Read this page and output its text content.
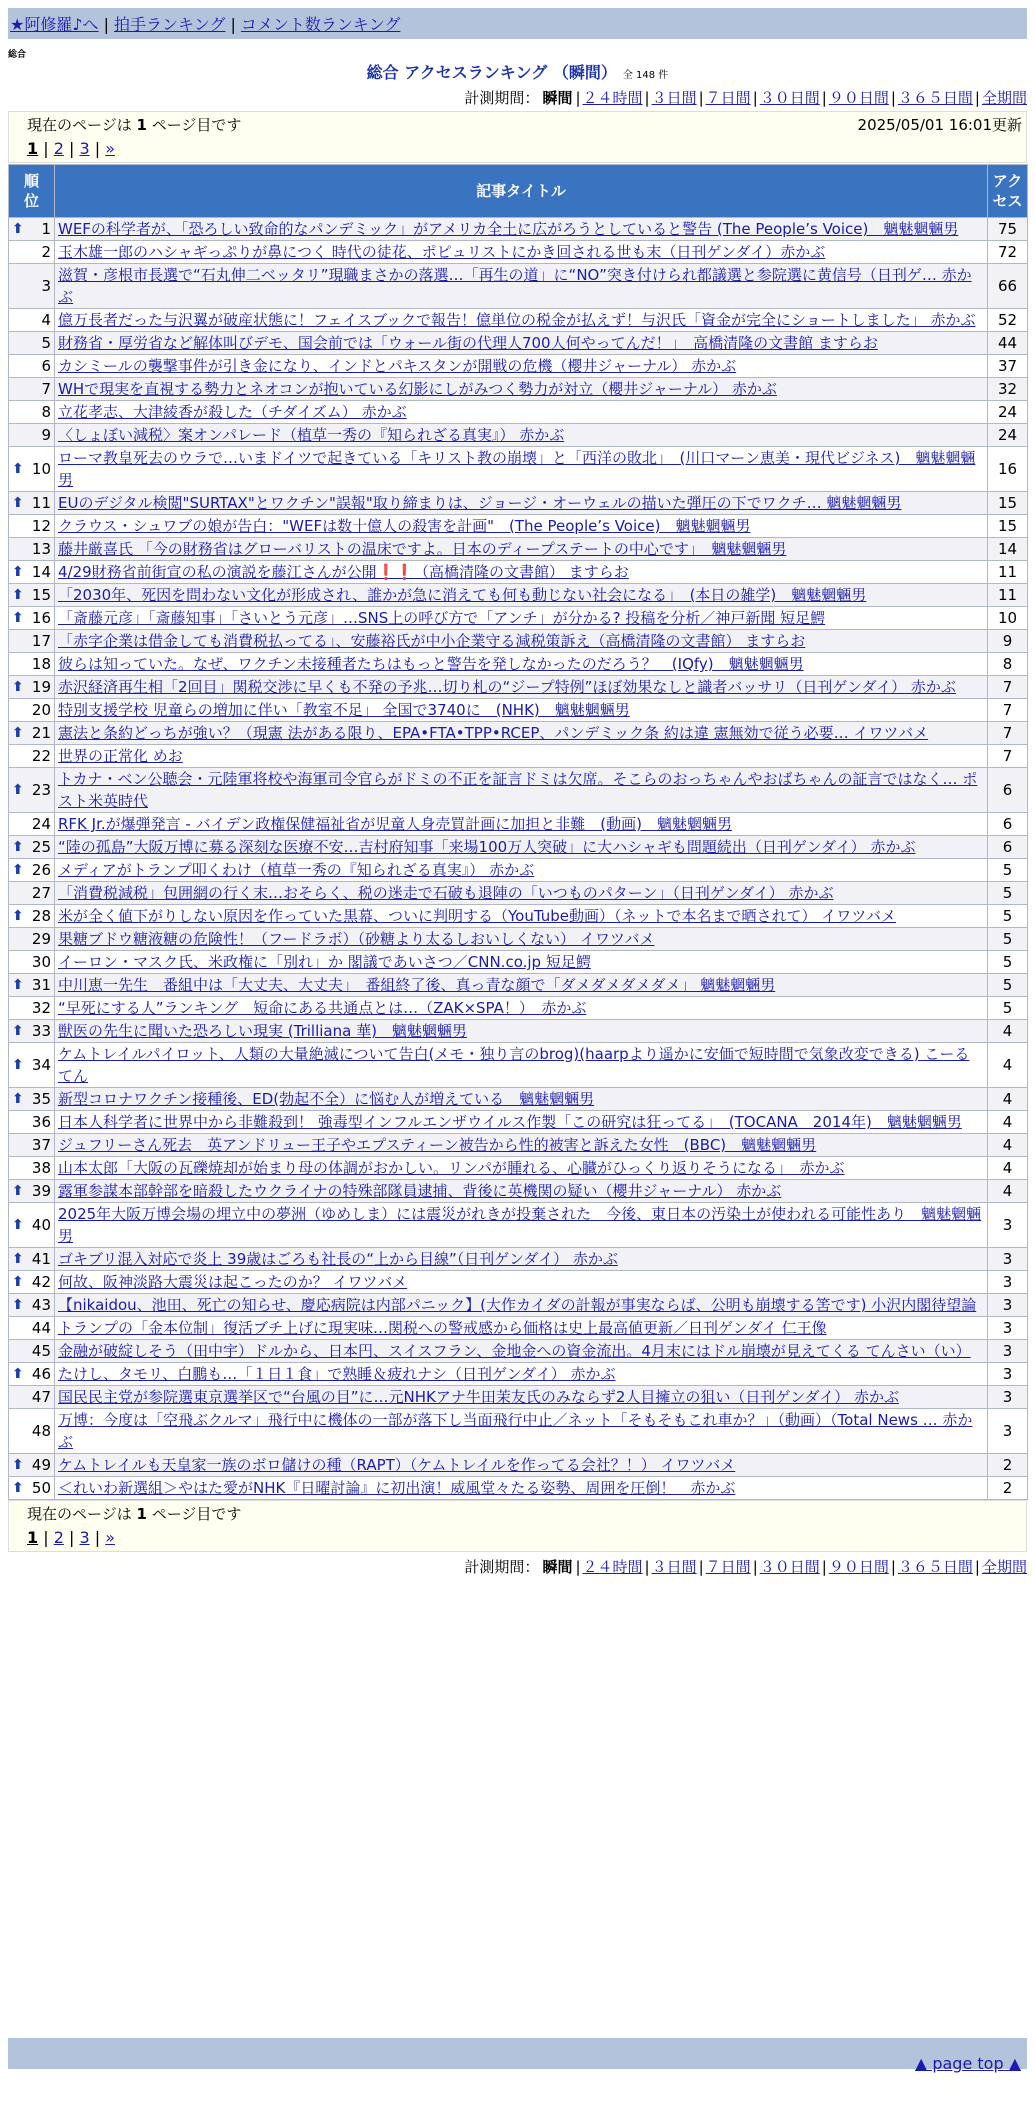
★阿修羅♪へ | 拍手ランキング | コメント数ランキング
総合
総合 アクセスランキング （瞬間） 全 148 件
計測期間： 瞬間 | ２４時間 | ３日間 | ７日間 | ３０日間 | ９０日間 | ３６５日間 | 全期間
現在のページは 1 ページ目です	2025/05/01 16:01更新
1 | 2 | 3 | »
順位	記事タイトル	アクセス

⬆ 1	WEFの科学者が、「恐ろしい致命的なパンデミック」がアメリカ全土に広がろうとしていると警告 (The People’s Voice)　魑魅魍魎男	75
2	玉木雄一郎のハシャギっぷりが鼻につく 時代の徒花、ポピュリストにかき回される世も末（日刊ゲンダイ）赤かぶ	72
3	滋賀・彦根市長選で“石丸伸二ベッタリ”現職まさかの落選…「再生の道」に“NO”突き付けられ都議選と参院選に黄信号（日刊ゲ… 赤かぶ	66
4	億万長者だった与沢翼が破産状態に！フェイスブックで報告！億単位の税金が払えず！与沢氏「資金が完全にショートしました」 赤かぶ	52
5	財務省・厚労省など解体叫びデモ、国会前では「ウォール街の代理人700人何やってんだ！」　高橋清隆の文書館 ますらお	44
6	カシミールの襲撃事件が引き金になり、インドとパキスタンが開戦の危機（櫻井ジャーナル） 赤かぶ	37
7	WHで現実を直視する勢力とネオコンが抱いている幻影にしがみつく勢力が対立（櫻井ジャーナル） 赤かぶ	32
8	立花孝志、大津綾香が殺した（チダイズム） 赤かぶ	24
9	〈しょぼい減税〉案オンパレード（植草一秀の『知られざる真実』） 赤かぶ	24

⬆ 10	ローマ教皇死去のウラで…いまドイツで起きている「キリスト教の崩壊」と「西洋の敗北」　(川口マーン恵美・現代ビジネス)　魑魅魍魎男	16

⬆ 11	EUのデジタル検閲"SURTAX"とワクチン"誤報"取り締まりは、ジョージ・オーウェルの描いた弾圧の下でワクチ… 魑魅魍魎男	15
12	クラウス・シュワブの娘が告白："WEFは数十億人の殺害を計画"　(The People’s Voice)　魑魅魍魎男	15
13	藤井厳喜氏 「今の財務省はグローバリストの温床ですよ。日本のディープステートの中心です」　魑魅魍魎男	14

⬆ 14	4/29財務省前街宣の私の演説を藤江さんが公開❗❗（高橋清隆の文書館） ますらお	11

⬆ 15	「2030年、死因を問わない文化が形成され、誰かが急に消えても何も動じない社会になる」　(本日の雑学)　魑魅魍魎男	11

⬆ 16	「斎藤元彦」「斎藤知事」「さいとう元彦」…SNS上の呼び方で「アンチ」が分かる? 投稿を分析／神戸新聞 短足鰐	10
17	「赤字企業は借金しても消費税払ってる」、安藤裕氏が中小企業守る減税策訴え（高橋清隆の文書館） ますらお	9
18	彼らは知っていた。なぜ、ワクチン未接種者たちはもっと警告を発しなかったのだろう？　(IQfy)　魑魅魍魎男	8

⬆ 19	赤沢経済再生相「2回目」関税交渉に早くも不発の予兆…切り札の“ジープ特例”ほぼ効果なしと識者バッサリ（日刊ゲンダイ） 赤かぶ	7
20	特別支援学校 児童らの増加に伴い「教室不足」 全国で3740に　(NHK)　魑魅魍魎男	7

⬆ 21	憲法と条約どっちが強い？（現憲 法がある限り、EPA•FTA•TPP•RCEP、パンデミック条 約は違 憲無効で従う必要… イワツバメ	7
22	世界の正常化 めお	7

⬆ 23	トカナ・ベン公聴会・元陸軍将校や海軍司令官らがドミの不正を証言ドミは欠席。そこらのおっちゃんやおばちゃんの証言ではなく… ポスト米英時代	6
24	RFK Jr.が爆弾発言 - バイデン政権保健福祉省が児童人身売買計画に加担と非難　(動画)　魑魅魍魎男	6

⬆ 25	“陸の孤島”大阪万博に募る深刻な医療不安…吉村府知事「来場100万人突破」に大ハシャギも問題続出（日刊ゲンダイ） 赤かぶ	6

⬆ 26	メディアがトランプ叩くわけ（植草一秀の『知られざる真実』） 赤かぶ	5
27	「消費税減税」包囲網の行く末…おそらく、税の迷走で石破も退陣の「いつものパターン」（日刊ゲンダイ） 赤かぶ	5

⬆ 28	米が全く値下がりしない原因を作っていた黒幕、ついに判明する（YouTube動画）（ネットで本名まで晒されて） イワツバメ	5
29	果糖ブドウ糖液糖の危険性！（フードラボ）（砂糖より太るしおいしくない） イワツバメ	5
30	イーロン・マスク氏、米政権に「別れ」か 閣議であいさつ／CNN.co.jp 短足鰐	5

⬆ 31	中川恵一先生　番組中は「大丈夫、大丈夫」　番組終了後、真っ青な顔で「ダメダメダメダメ」 魑魅魍魎男	5
32	“早死にする人”ランキング　短命にある共通点とは…（ZAK×SPA！）　赤かぶ	5

⬆ 33	獣医の先生に聞いた恐ろしい現実 (Trilliana 華)　魑魅魍魎男	4

⬆ 34	ケムトレイルパイロット、人類の大量絶滅について告白(メモ・独り言のbrog)(haarpより遥かに安価で短時間で気象改変できる) こーるてん	4

⬆ 35	新型コロナワクチン接種後、ED(勃起不全）に悩む人が増えている　魑魅魍魎男	4
36	日本人科学者に世界中から非難殺到！ 強毒型インフルエンザウイルス作製「この研究は狂ってる」　(TOCANA　2014年)　魑魅魍魎男	4
37	ジュフリーさん死去　英アンドリュー王子やエプスティーン被告から性的被害と訴えた女性　(BBC)　魑魅魍魎男	4
38	山本太郎「大阪の瓦礫焼却が始まり母の体調がおかしい。リンパが腫れる、心臓がひっくり返りそうになる」　赤かぶ	4

⬆ 39	露軍参謀本部幹部を暗殺したウクライナの特殊部隊員逮捕、背後に英機関の疑い（櫻井ジャーナル） 赤かぶ	4

⬆ 40	2025年大阪万博会場の埋立中の夢洲（ゆめしま）には震災がれきが投棄された　今後、東日本の汚染土が使われる可能性あり　魑魅魍魎男	3

⬆ 41	ゴキブリ混入対応で炎上 39歳はごろも社長の“上から目線”（日刊ゲンダイ） 赤かぶ	3

⬆ 42	何故、阪神淡路大震災は起こったのか？ イワツバメ	3

⬆ 43	【nikaidou、池田、死亡の知らせ、慶応病院は内部パニック】(大作カイダの計報が事実ならば、公明も崩壊する筈です) 小沢内閣待望論	3
44	トランプの「金本位制」復活ブチ上げに現実味…関税への警戒感から価格は史上最高値更新／日刊ゲンダイ 仁王像	3
45	金融が破綻しそう（田中宇）ドルから、日本円、スイスフラン、金地金への資金流出。4月末にはドル崩壊が見えてくる てんさい（い）	3

⬆ 46	たけし、タモリ、白鵬も…「１日１食」で熟睡＆疲れナシ（日刊ゲンダイ） 赤かぶ	3
47	国民民主党が参院選東京選挙区で“台風の目”に…元NHKアナ牛田茉友氏のみならず2人目擁立の狙い（日刊ゲンダイ） 赤かぶ	3
48	万博：今度は「空飛ぶクルマ」飛行中に機体の一部が落下し当面飛行中止／ネット「そもそもこれ車か？」（動画）（Total News … 赤かぶ	3

⬆ 49	ケムトレイルも天皇家一族のボロ儲けの種（RAPT）（ケムトレイルを作ってる会社？！） イワツバメ	2

⬆ 50	＜れいわ新選組＞やはた愛がNHK『日曜討論』に初出演！威風堂々たる姿勢、周囲を圧倒！　赤かぶ	2
現在のページは 1 ページ目です
1 | 2 | 3 | »
計測期間： 瞬間 | ２４時間 | ３日間 | ７日間 | ３０日間 | ９０日間 | ３６５日間 | 全期間
▲ page top ▲
